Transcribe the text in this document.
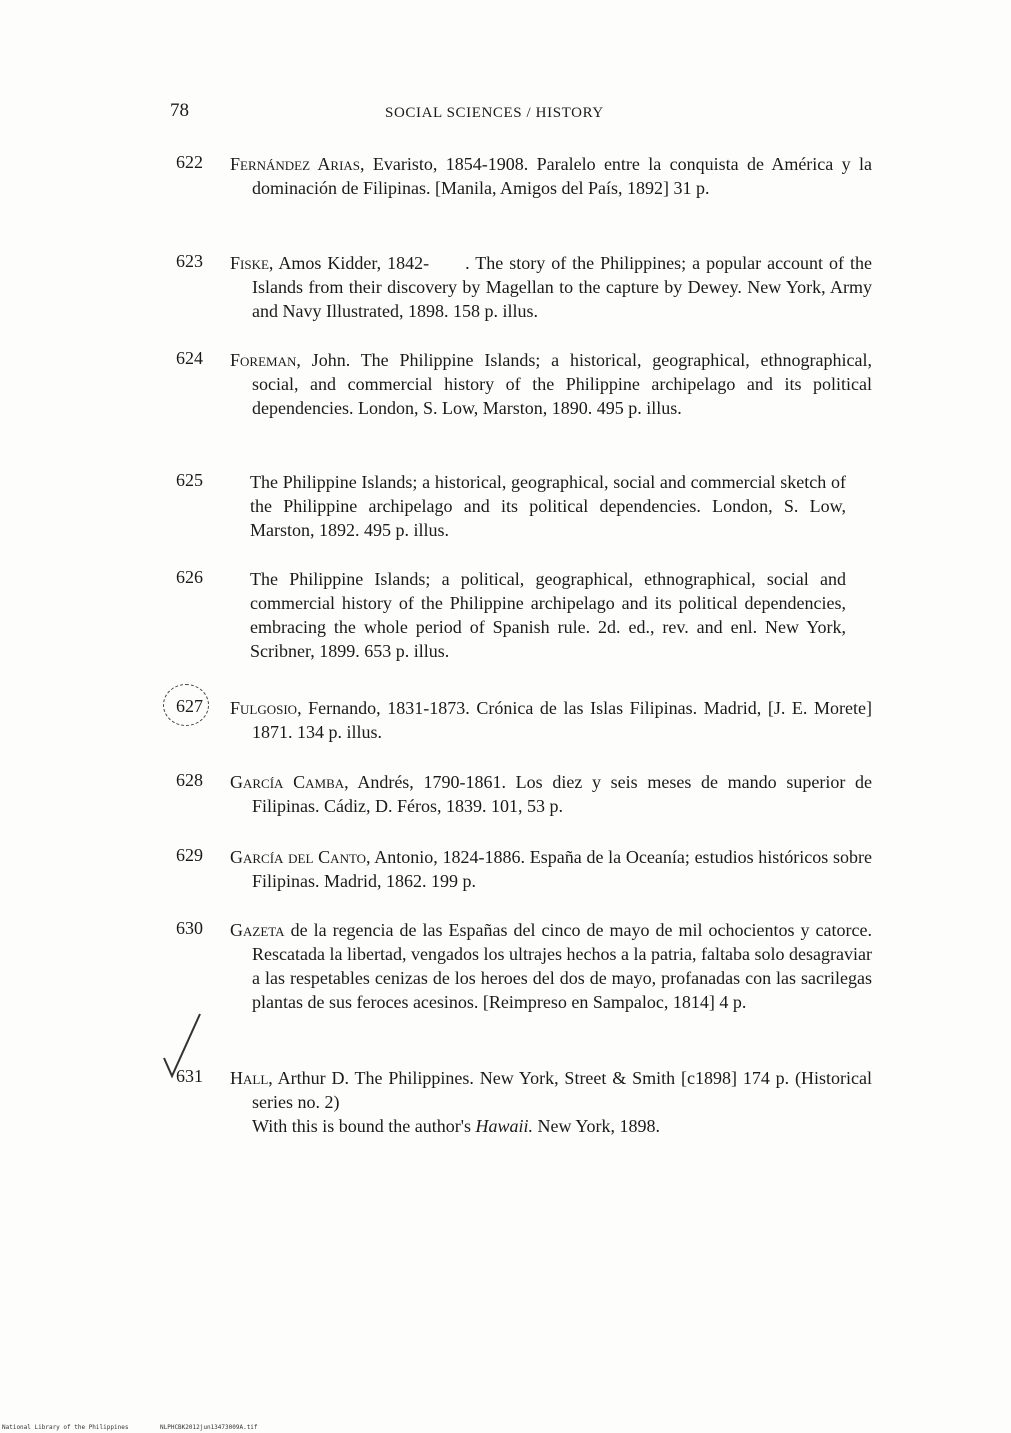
78	SOCIAL SCIENCES / HISTORY
622 Fernández Arias, Evaristo, 1854-1908. Paralelo entre la conquista de América y la dominación de Filipinas. [Manila, Amigos del País, 1892] 31 p.
623 Fiske, Amos Kidder, 1842-  . The story of the Philippines; a popular account of the Islands from their discovery by Magellan to the capture by Dewey. New York, Army and Navy Illustrated, 1898. 158 p. illus.
624 Foreman, John. The Philippine Islands; a historical, geographical, ethnographical, social, and commercial history of the Philippine archipelago and its political dependencies. London, S. Low, Marston, 1890. 495 p. illus.
625	The Philippine Islands; a historical, geographical, social and commercial sketch of the Philippine archipelago and its political dependencies. London, S. Low, Marston, 1892. 495 p. illus.
626	The Philippine Islands; a political, geographical, ethnographical, social and commercial history of the Philippine archipelago and its political dependencies, embracing the whole period of Spanish rule. 2d. ed., rev. and enl. New York, Scribner, 1899. 653 p. illus.
627 Fulgosio, Fernando, 1831-1873. Crónica de las Islas Filipinas. Madrid, [J. E. Morete] 1871. 134 p. illus.
628 García Camba, Andrés, 1790-1861. Los diez y seis meses de mando superior de Filipinas. Cádiz, D. Féros, 1839. 101, 53 p.
629 García del Canto, Antonio, 1824-1886. España de la Oceanía; estudios históricos sobre Filipinas. Madrid, 1862. 199 p.
630 Gazeta de la regencia de las Españas del cinco de mayo de mil ochocientos y catorce. Rescatada la libertad, vengados los ultrajes hechos a la patria, faltaba solo desagraviar a las respetables cenizas de los heroes del dos de mayo, profanadas con las sacrilegas plantas de sus feroces acesinos. [Reimpreso en Sampaloc, 1814] 4 p.
631 Hall, Arthur D. The Philippines. New York, Street & Smith [c1898] 174 p. (Historical series no. 2)
With this is bound the author's Hawaii. New York, 1898.
National Library of the Philippines	NLPHCBK2012jun13473009A.tif
